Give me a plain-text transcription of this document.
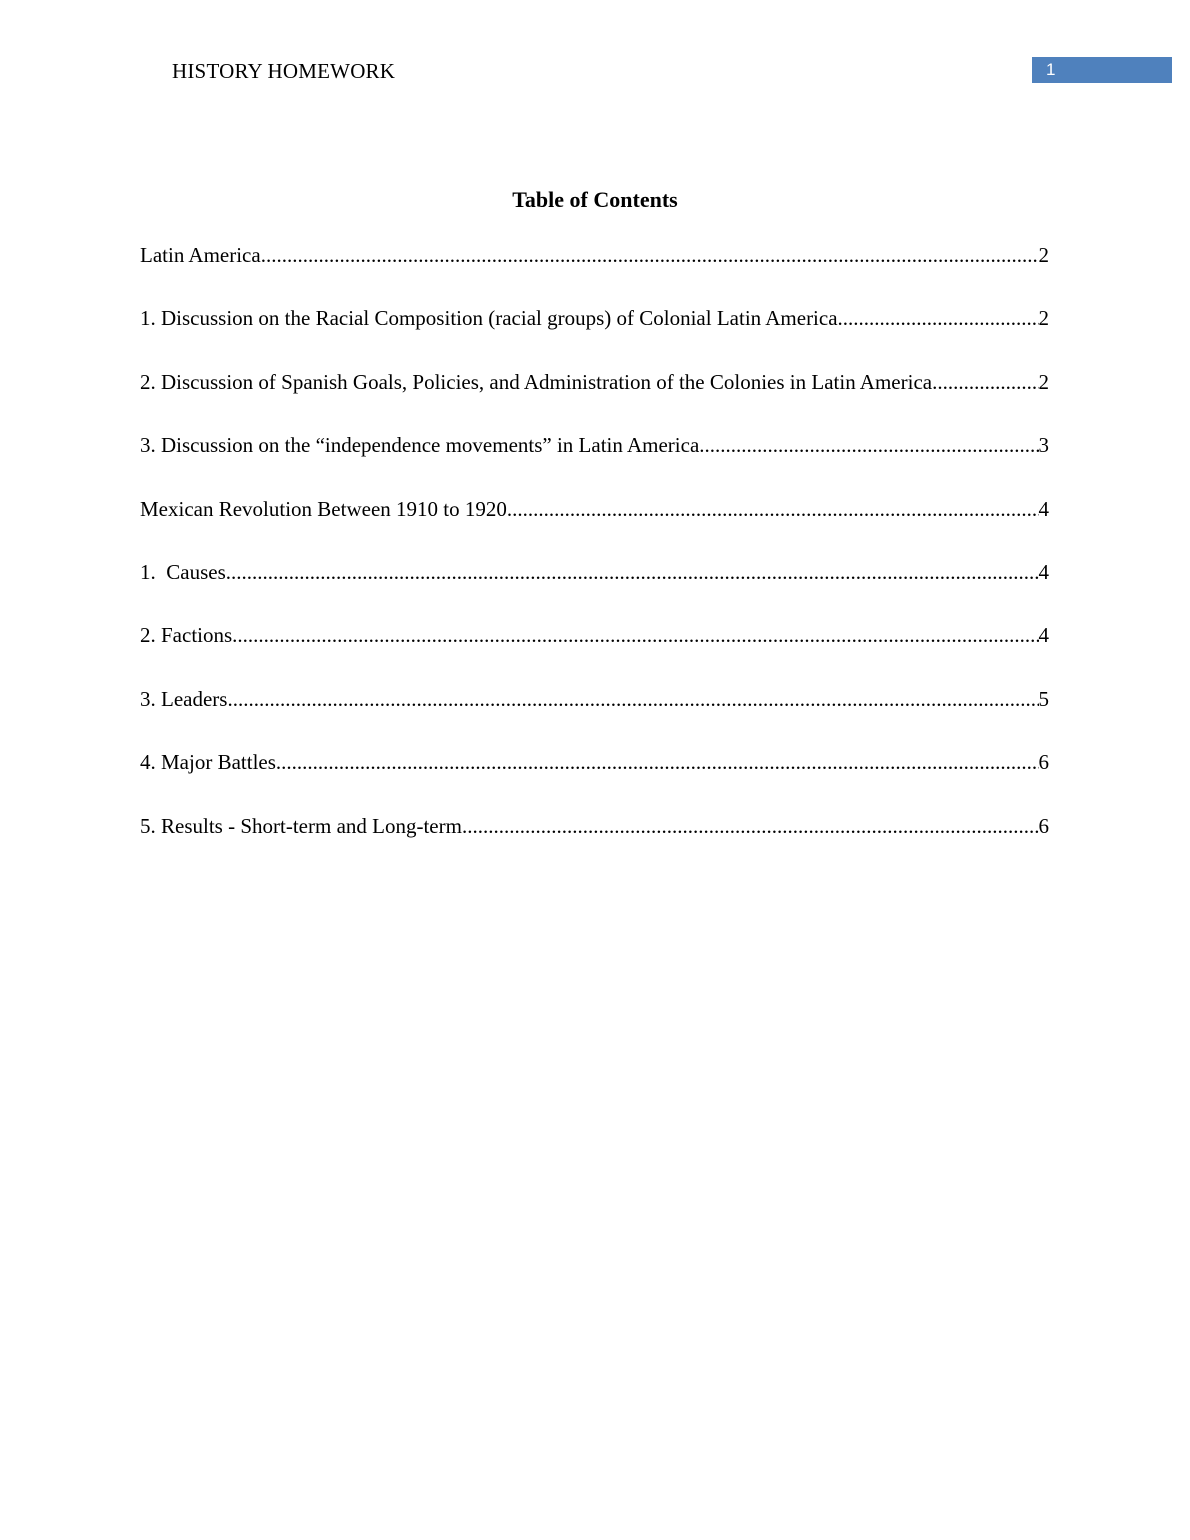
HISTORY HOMEWORK	1
Table of Contents
Latin America .....	2
1. Discussion on the Racial Composition (racial groups) of Colonial Latin America .....	2
2. Discussion of Spanish Goals, Policies, and Administration of the Colonies in Latin America. .....	2
3. Discussion on the “independence movements” in Latin America .....	3
Mexican Revolution Between 1910 to 1920 .....	4
1.  Causes .....	4
2. Factions .....	4
3. Leaders .....	5
4. Major Battles .....	6
5. Results - Short-term and Long-term .....	6
